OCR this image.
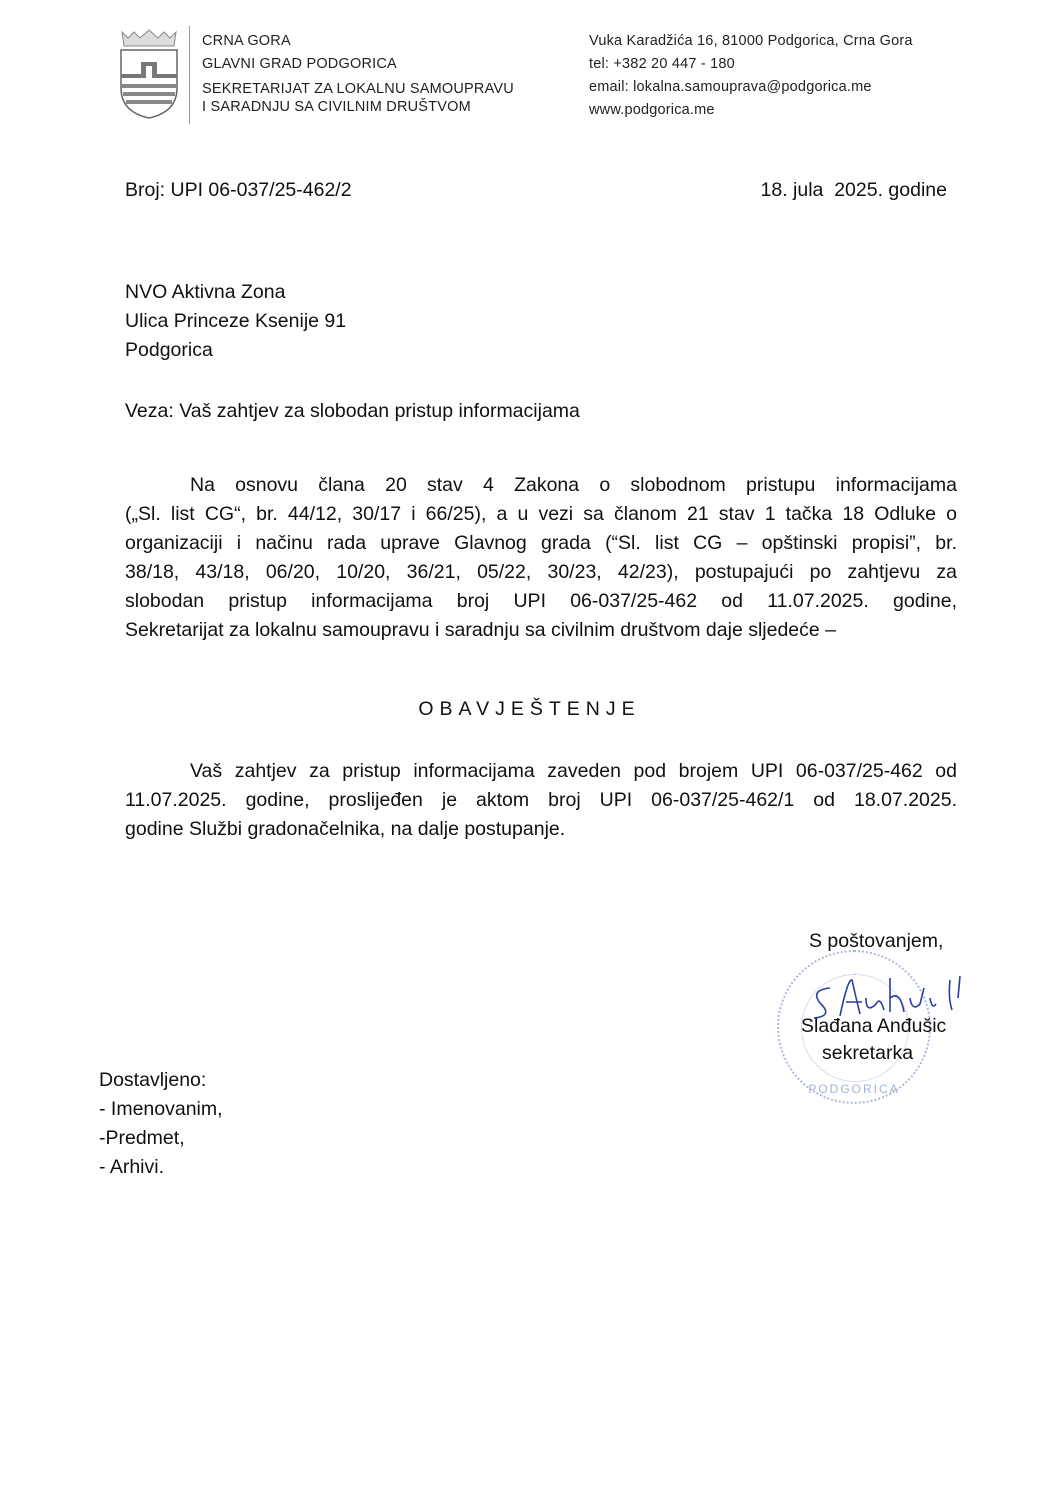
CRNA GORA
GLAVNI GRAD PODGORICA
SEKRETARIJAT ZA LOKALNU SAMOUPRAVU
I SARADNJU SA CIVILNIM DRUŠTVOM
Vuka Karadžića 16, 81000 Podgorica, Crna Gora
tel: +382 20 447 - 180
email: lokalna.samouprava@podgorica.me
www.podgorica.me
Broj: UPI 06-037/25-462/2	18. jula  2025. godine
NVO Aktivna Zona
Ulica Princeze Ksenije 91
Podgorica
Veza: Vaš zahtjev za slobodan pristup informacijama
Na osnovu člana 20 stav 4 Zakona o slobodnom pristupu informacijama
(„Sl. list CG“, br. 44/12, 30/17 i 66/25), a u vezi sa članom 21 stav 1 tačka 18 Odluke o
organizaciji i načinu rada uprave Glavnog grada (“Sl. list CG – opštinski propisi”, br.
38/18, 43/18, 06/20, 10/20, 36/21, 05/22, 30/23, 42/23), postupajući po zahtjevu za
slobodan pristup informacijama broj UPI 06-037/25-462 od 11.07.2025. godine,
Sekretarijat za lokalnu samoupravu i saradnju sa civilnim društvom daje sljedeće –
OBAVJEŠTENJE
Vaš zahtjev za pristup informacijama zaveden pod brojem UPI 06-037/25-462 od
11.07.2025. godine, proslijeđen je aktom broj UPI 06-037/25-462/1 od 18.07.2025.
godine Službi gradonačelnika, na dalje postupanje.
PODGORICA
S poštovanjem,
Slađana Anđušic
sekretarka
Dostavljeno:
- Imenovanim,
-Predmet,
- Arhivi.
